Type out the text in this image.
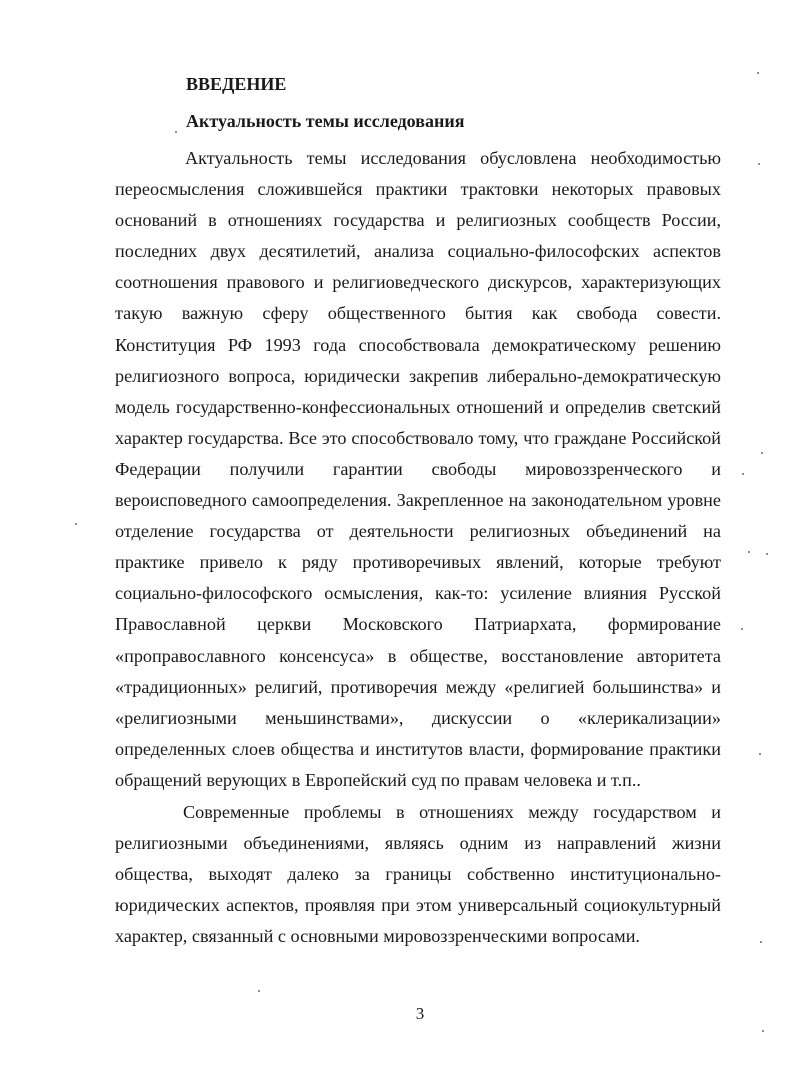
ВВЕДЕНИЕ
Актуальность темы исследования

Актуальность темы исследования обусловлена необходимостью переосмысления сложившейся практики трактовки некоторых правовых оснований в отношениях государства и религиозных сообществ России, последних двух десятилетий, анализа социально-философских аспектов соотношения правового и религиоведческого дискурсов, характеризующих такую важную сферу общественного бытия как свобода совести. Конституция РФ 1993 года способствовала демократическому решению религиозного вопроса, юридически закрепив либерально-демократическую модель государственно-конфессиональных отношений и определив светский характер государства. Все это способствовало тому, что граждане Российской Федерации получили гарантии свободы мировоззренческого и вероисповедного самоопределения. Закрепленное на законодательном уровне отделение государства от деятельности религиозных объединений на практике привело к ряду противоречивых явлений, которые требуют социально-философского осмысления, как-то: усиление влияния Русской Православной церкви Московского Патриархата, формирование «проправославного консенсуса» в обществе, восстановление авторитета «традиционных» религий, противоречия между «религией большинства» и «религиозными меньшинствами», дискуссии о «клерикализации» определенных слоев общества и институтов власти, формирование практики обращений верующих в Европейский суд по правам человека и т.п..

Современные проблемы в отношениях между государством и религиозными объединениями, являясь одним из направлений жизни общества, выходят далеко за границы собственно институционально-юридических аспектов, проявляя при этом универсальный социокультурный характер, связанный с основными мировоззренческими вопросами.

3
